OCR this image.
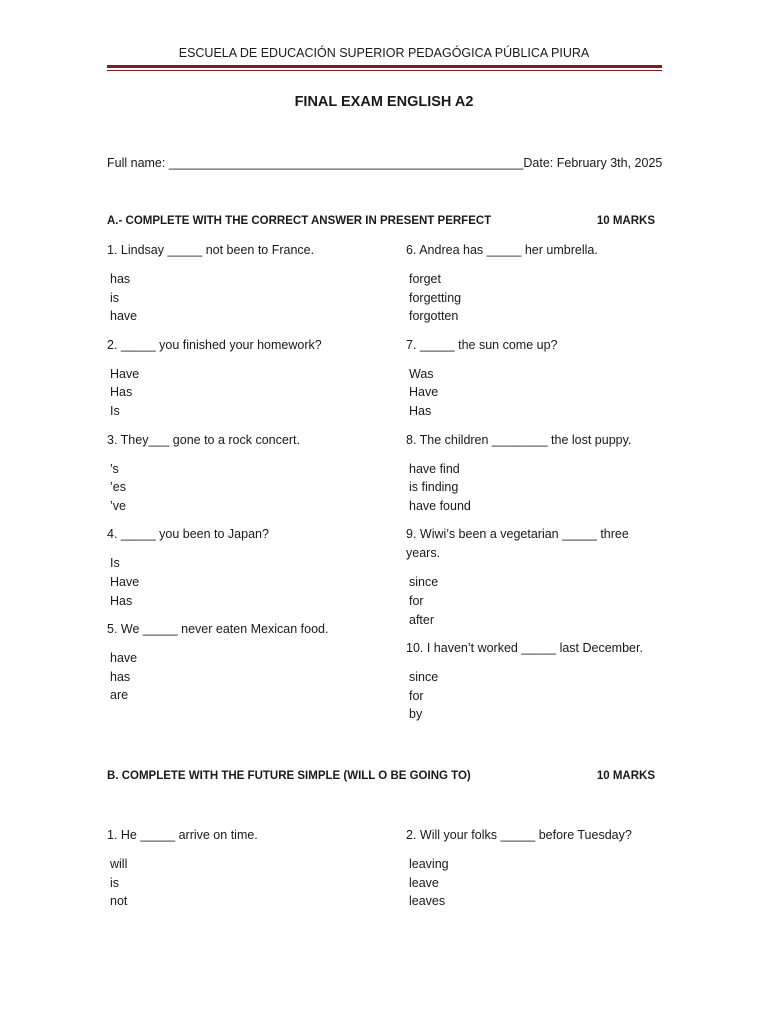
ESCUELA DE EDUCACIÓN SUPERIOR PEDAGÓGICA PÚBLICA PIURA
FINAL EXAM ENGLISH A2
Full name: ___________________________________________________ Date: February 3th, 2025
A.- COMPLETE WITH THE CORRECT ANSWER IN PRESENT PERFECT	10 MARKS
1. Lindsay _____ not been to France.
has
is
have
2. _____ you finished your homework?
Have
Has
Is
3. They___ gone to a rock concert.
’s
’es
’ve
4. _____ you been to Japan?
Is
Have
Has
5. We _____ never eaten Mexican food.
have
has
are
6. Andrea has _____ her umbrella.
forget
forgetting
forgotten
7. _____ the sun come up?
Was
Have
Has
8. The children ________ the lost puppy.
have find
is finding
have found
9. Wiwi’s been a vegetarian _____ three years.
since
for
after
10. I haven’t worked _____ last December.
since
for
by
B. COMPLETE WITH THE FUTURE SIMPLE (WILL O BE GOING TO)	10 MARKS
1. He _____ arrive on time.
will
is
not
2. Will your folks _____ before Tuesday?
leaving
leave
leaves
